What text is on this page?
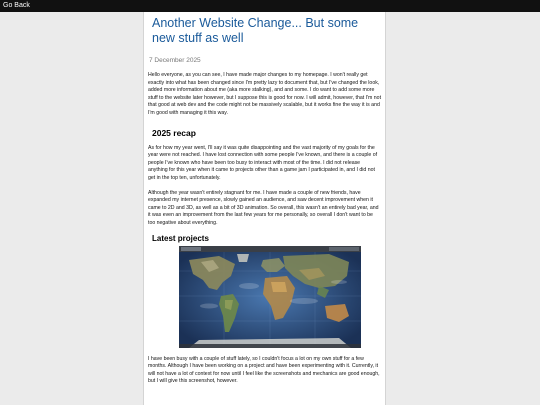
Go Back
Another Website Change... But some new stuff as well
7 December 2025

Hello everyone, as you can see, I have made major changes to my homepage. I won't really get exactly into what has been changed since I'm pretty lazy to document that, but I've changed the look, added more information about me (aka more stalking), and and some. I do want to add some more stuff to the website later however, but I suppose this is good for now. I will admit, however, that I'm not that good at web dev and the code might not be massively scalable, but it works fine the way it is and I'm good with managing it this way.

2025 recap

As for how my year went, I'll say it was quite disappointing and the vast majority of my goals for the year were not reached. I have lost connection with some people I've known, and there is a couple of people I've known who have been too busy to interact with most of the time. I did not release anything for this year when it came to projects other than a game jam I participated in, and I did not get in the top ten, unfortunately.

Although the year wasn't entirely stagnant for me. I have made a couple of new friends, have expanded my internet presence, slowly gained an audience, and saw decent improvement when it came to 2D and 3D, as well as a bit of 3D animation. So overall, this wasn't an entirely bad year, and it was even an improvement from the last few years for me personally, so overall I don't want to be too negative about everything.

Latest projects

I have been busy with a couple of stuff lately, so I couldn't focus a lot on my own stuff for a few months. Although I have been working on a project and have been experimenting with it. Currently, it will not have a lot of context for now until I feel like the screenshots and mechanics are good enough, but I will give this screenshot, however.
